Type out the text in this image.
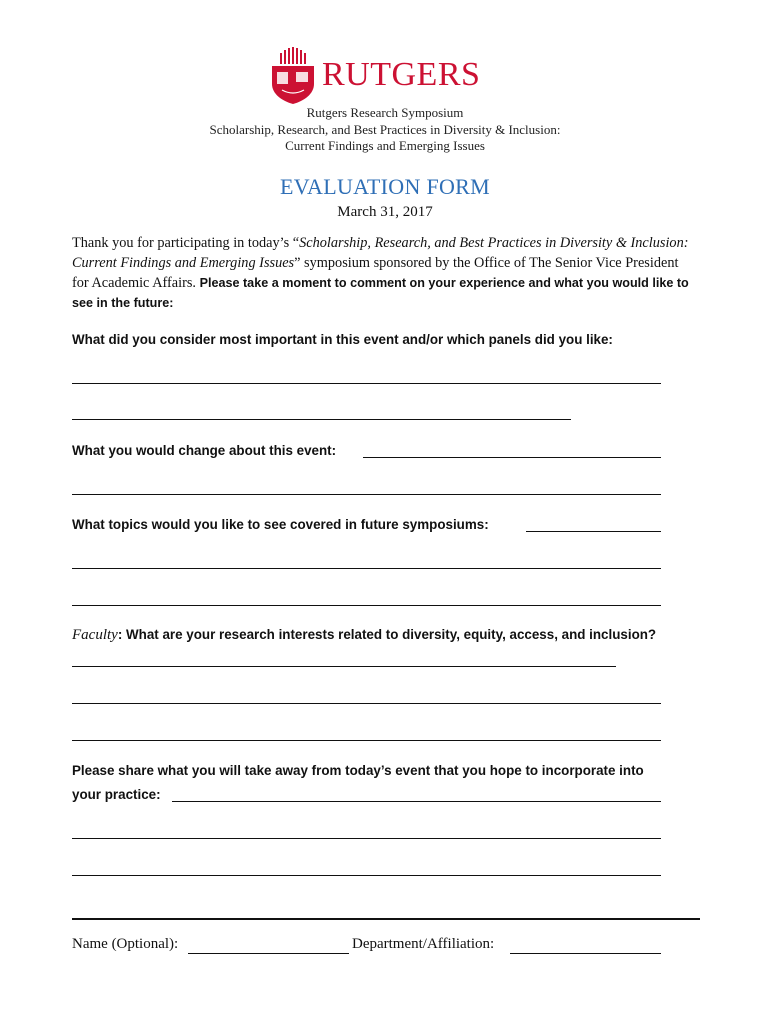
RUTGERS
Rutgers Research Symposium
Scholarship, Research, and Best Practices in Diversity & Inclusion:
Current Findings and Emerging Issues
EVALUATION FORM
March 31, 2017
Thank you for participating in today’s “Scholarship, Research, and Best Practices in Diversity & Inclusion: Current Findings and Emerging Issues” symposium sponsored by the Office of The Senior Vice President for Academic Affairs. Please take a moment to comment on your experience and what you would like to see in the future:
What did you consider most important in this event and/or which panels did you like:
What you would change about this event:
What topics would you like to see covered in future symposiums:
Faculty: What are your research interests related to diversity, equity, access, and inclusion?
Please share what you will take away from today’s event that you hope to incorporate into
your practice:
Name (Optional):	Department/Affiliation:
